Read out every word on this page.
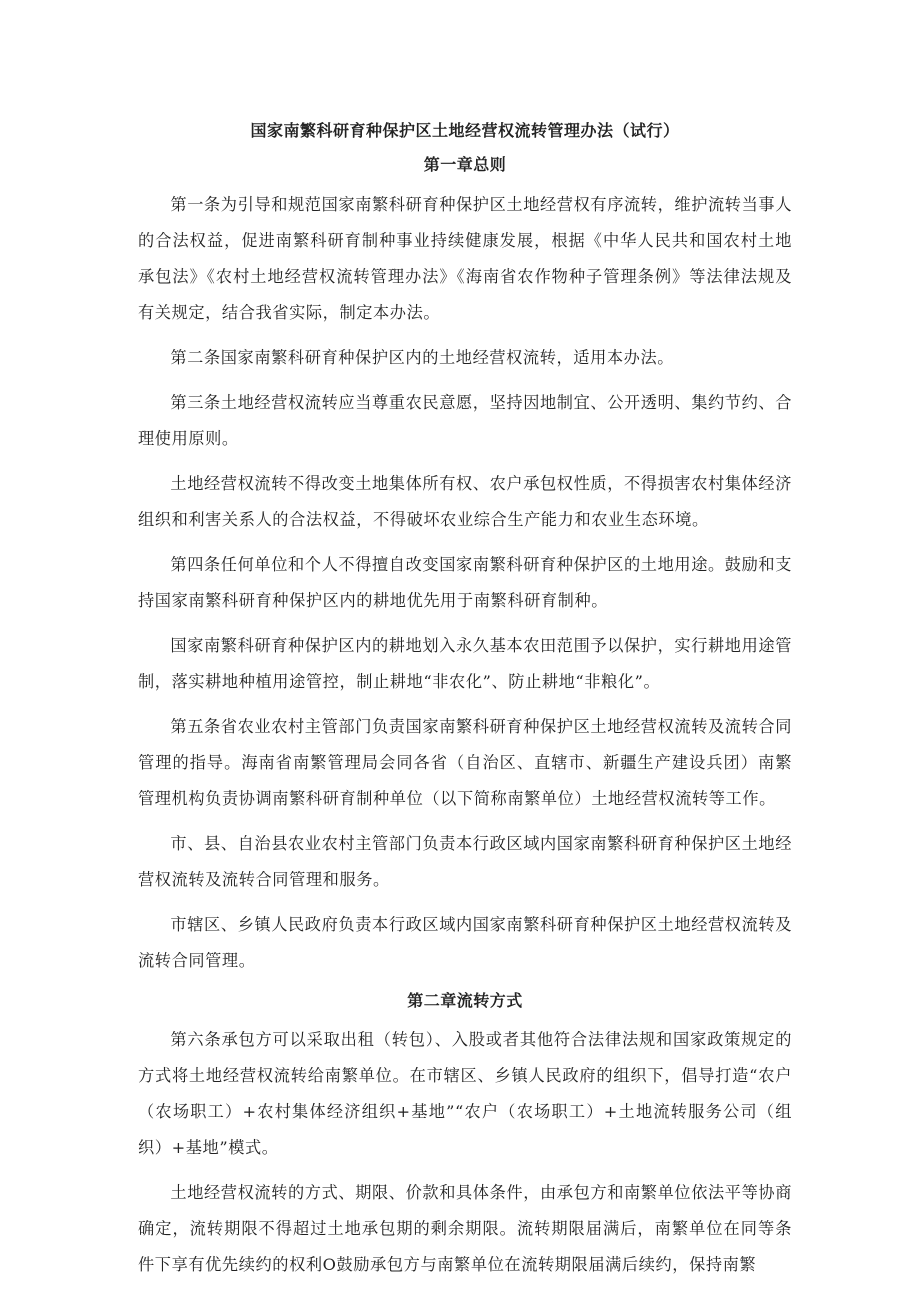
国家南繁科研育种保护区土地经营权流转管理办法（试行）
第一章总则

第一条为引导和规范国家南繁科研育种保护区土地经营权有序流转，维护流转当事人的合法权益，促进南繁科研育制种事业持续健康发展，根据《中华人民共和国农村土地承包法》《农村土地经营权流转管理办法》《海南省农作物种子管理条例》等法律法规及有关规定，结合我省实际，制定本办法。

第二条国家南繁科研育种保护区内的土地经营权流转，适用本办法。

第三条土地经营权流转应当尊重农民意愿，坚持因地制宜、公开透明、集约节约、合理使用原则。

土地经营权流转不得改变土地集体所有权、农户承包权性质，不得损害农村集体经济组织和利害关系人的合法权益，不得破坏农业综合生产能力和农业生态环境。

第四条任何单位和个人不得擅自改变国家南繁科研育种保护区的土地用途。鼓励和支持国家南繁科研育种保护区内的耕地优先用于南繁科研育制种。

国家南繁科研育种保护区内的耕地划入永久基本农田范围予以保护，实行耕地用途管制，落实耕地种植用途管控，制止耕地“非农化”、防止耕地“非粮化”。

第五条省农业农村主管部门负责国家南繁科研育种保护区土地经营权流转及流转合同管理的指导。海南省南繁管理局会同各省（自治区、直辖市、新疆生产建设兵团）南繁管理机构负责协调南繁科研育制种单位（以下简称南繁单位）土地经营权流转等工作。

市、县、自治县农业农村主管部门负责本行政区域内国家南繁科研育种保护区土地经营权流转及流转合同管理和服务。

市辖区、乡镇人民政府负责本行政区域内国家南繁科研育种保护区土地经营权流转及流转合同管理。

第二章流转方式

第六条承包方可以采取出租（转包）、入股或者其他符合法律法规和国家政策规定的方式将土地经营权流转给南繁单位。在市辖区、乡镇人民政府的组织下，倡导打造“农户（农场职工）+农村集体经济组织+基地”“农户（农场职工）+土地流转服务公司（组织）+基地”模式。

土地经营权流转的方式、期限、价款和具体条件，由承包方和南繁单位依法平等协商确定，流转期限不得超过土地承包期的剩余期限。流转期限届满后，南繁单位在同等条件下享有优先续约的权利O鼓励承包方与南繁单位在流转期限届满后续约，保持南繁
